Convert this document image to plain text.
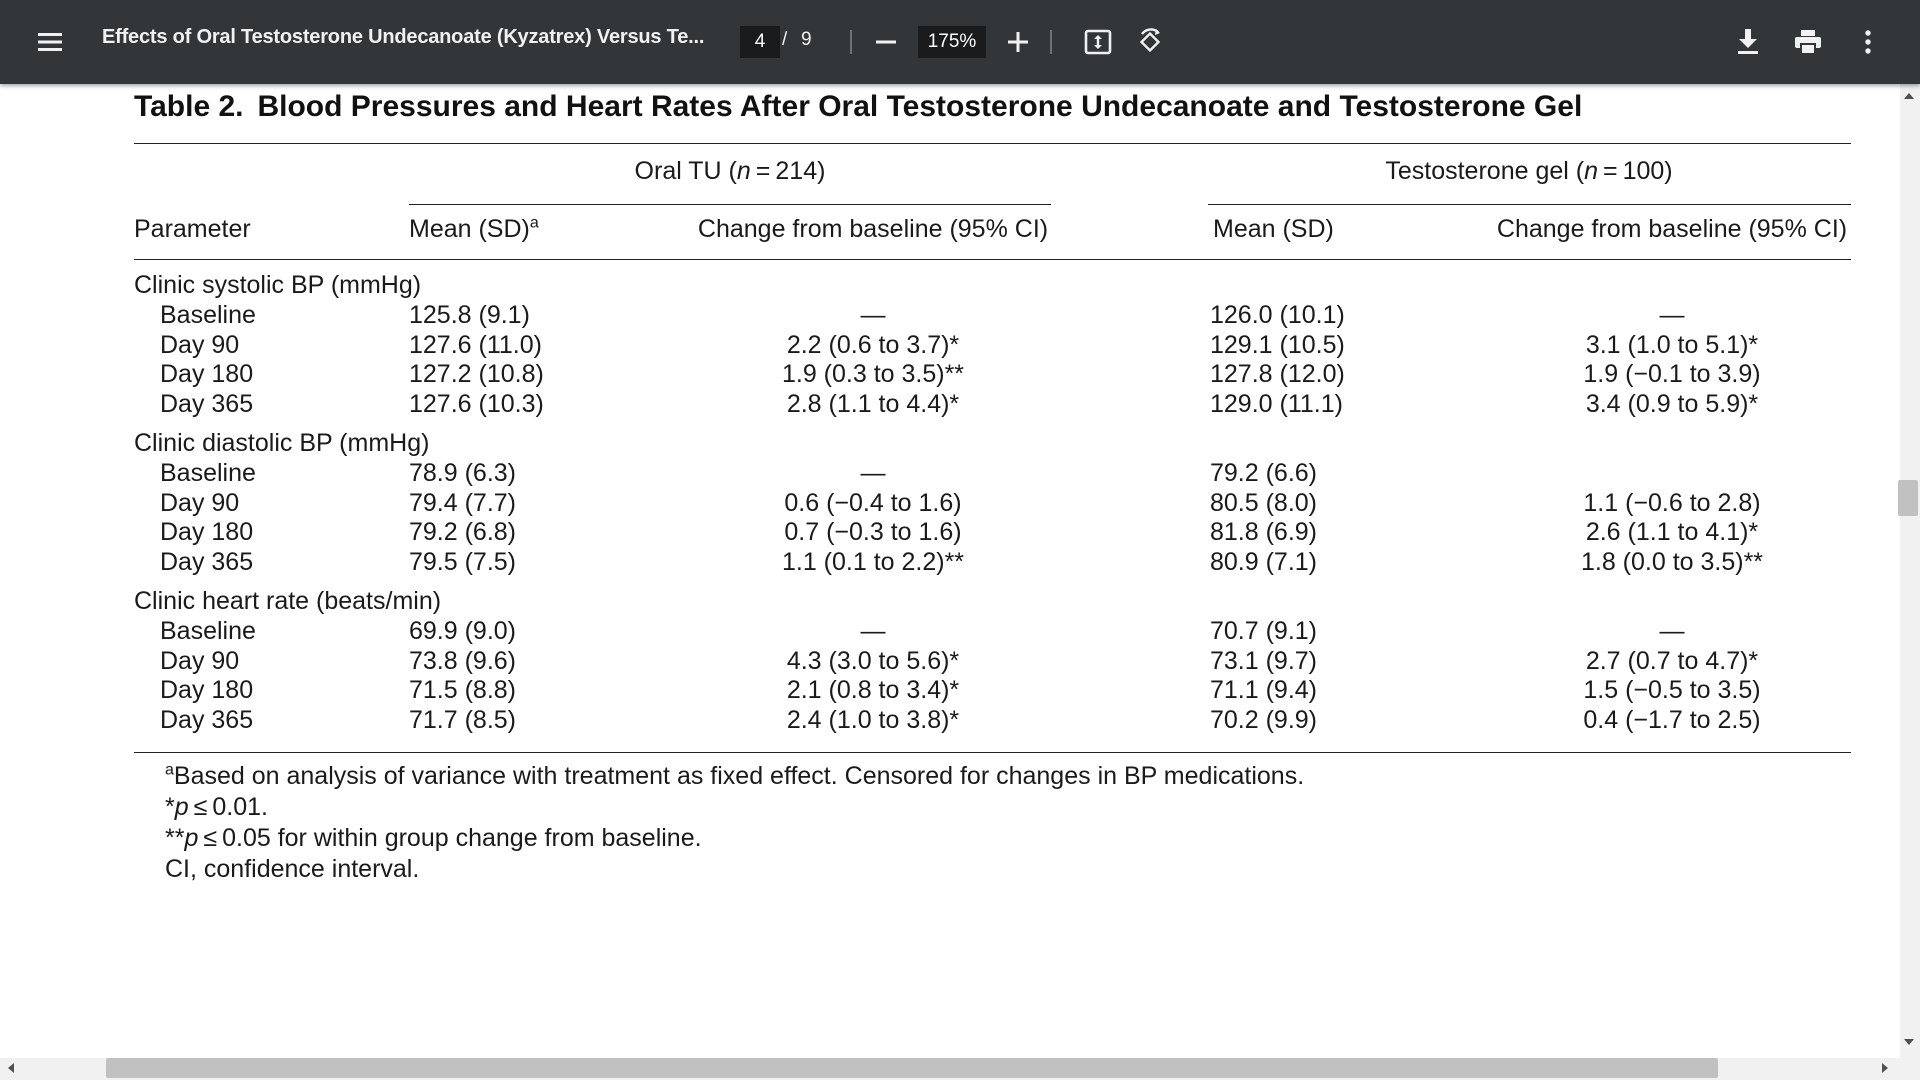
Effects of Oral Testosterone Undecanoate (Kyzatrex) Versus Te...	4 / 9	175%
Table 2. Blood Pressures and Heart Rates After Oral Testosterone Undecanoate and Testosterone Gel
Oral TU (n = 214)	Testosterone gel (n = 100)
Parameter	Mean (SD)$^a$	Change from baseline (95% CI)	Mean (SD)	Change from baseline (95% CI)
Clinic systolic BP (mmHg)
Baseline	125.8 (9.1)	—	126.0 (10.1)	—
Day 90	127.6 (11.0)	2.2 (0.6 to 3.7)*	129.1 (10.5)	3.1 (1.0 to 5.1)*
Day 180	127.2 (10.8)	1.9 (0.3 to 3.5)**	127.8 (12.0)	1.9 (−0.1 to 3.9)
Day 365	127.6 (10.3)	2.8 (1.1 to 4.4)*	129.0 (11.1)	3.4 (0.9 to 5.9)*
Clinic diastolic BP (mmHg)
Baseline	78.9 (6.3)	—	79.2 (6.6)
Day 90	79.4 (7.7)	0.6 (−0.4 to 1.6)	80.5 (8.0)	1.1 (−0.6 to 2.8)
Day 180	79.2 (6.8)	0.7 (−0.3 to 1.6)	81.8 (6.9)	2.6 (1.1 to 4.1)*
Day 365	79.5 (7.5)	1.1 (0.1 to 2.2)**	80.9 (7.1)	1.8 (0.0 to 3.5)**
Clinic heart rate (beats/min)
Baseline	69.9 (9.0)	—	70.7 (9.1)	—
Day 90	73.8 (9.6)	4.3 (3.0 to 5.6)*	73.1 (9.7)	2.7 (0.7 to 4.7)*
Day 180	71.5 (8.8)	2.1 (0.8 to 3.4)*	71.1 (9.4)	1.5 (−0.5 to 3.5)
Day 365	71.7 (8.5)	2.4 (1.0 to 3.8)*	70.2 (9.9)	0.4 (−1.7 to 2.5)
$^a$Based on analysis of variance with treatment as fixed effect. Censored for changes in BP medications.
*p ≤ 0.01.
**p ≤ 0.05 for within group change from baseline.
CI, confidence interval.
